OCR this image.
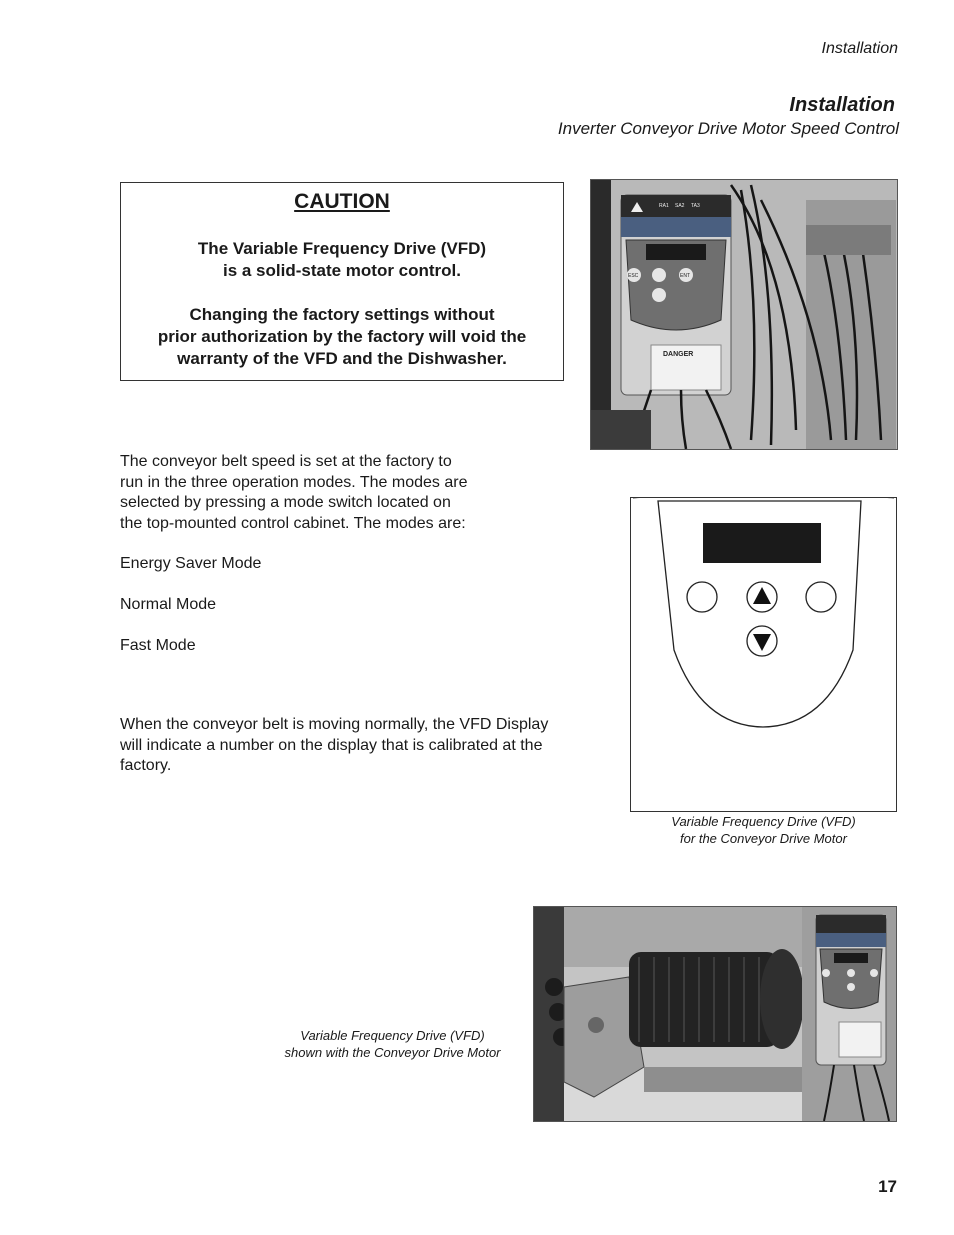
Installation
Installation
Inverter Conveyor Drive Motor Speed Control
CAUTION

The Variable Frequency Drive (VFD)

is a solid-state motor control.

Changing the factory settings without

prior authorization by the factory will void the

warranty of the VFD and the Dishwasher.

RA1 SA2 TA3
ESC	ENT
DANGER
Variable Frequency Drive (VFD)
for the Conveyor Drive Motor
The conveyor belt speed is set at the factory to
run in the three operation modes. The modes are
selected by pressing a mode switch located on
the top-mounted control cabinet. The modes are:
Energy Saver Mode
Normal Mode
Fast Mode
When the conveyor belt is moving normally, the VFD Display
will indicate a number on the display that is calibrated at the
factory.
Variable Frequency Drive (VFD)
shown with the Conveyor Drive Motor
17
